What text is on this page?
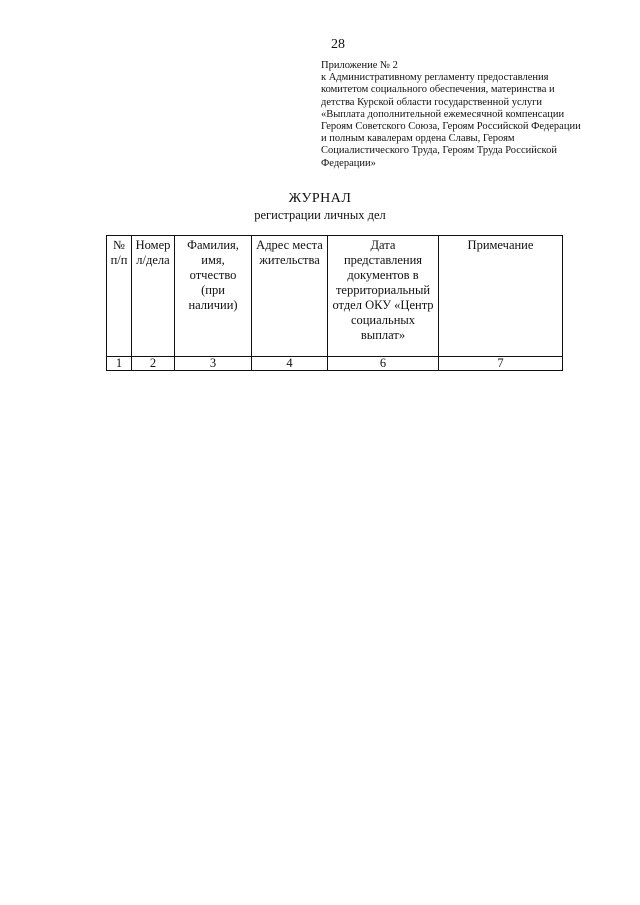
28
Приложение № 2
к Административному регламенту предоставления комитетом социального обеспечения, материнства и детства Курской области государственной услуги «Выплата дополнительной ежемесячной компенсации Героям Советского Союза, Героям Российской Федерации и полным кавалерам ордена Славы, Героям Социалистического Труда, Героям Труда Российской Федерации»
ЖУРНАЛ
регистрации личных дел
№ п/п	Номер л/дела	Фамилия, имя, отчество (при наличии)	Адрес места жительства	Дата представления документов в территориальный отдел ОКУ «Центр социальных выплат»	Примечание
1	2	3	4	6	7
